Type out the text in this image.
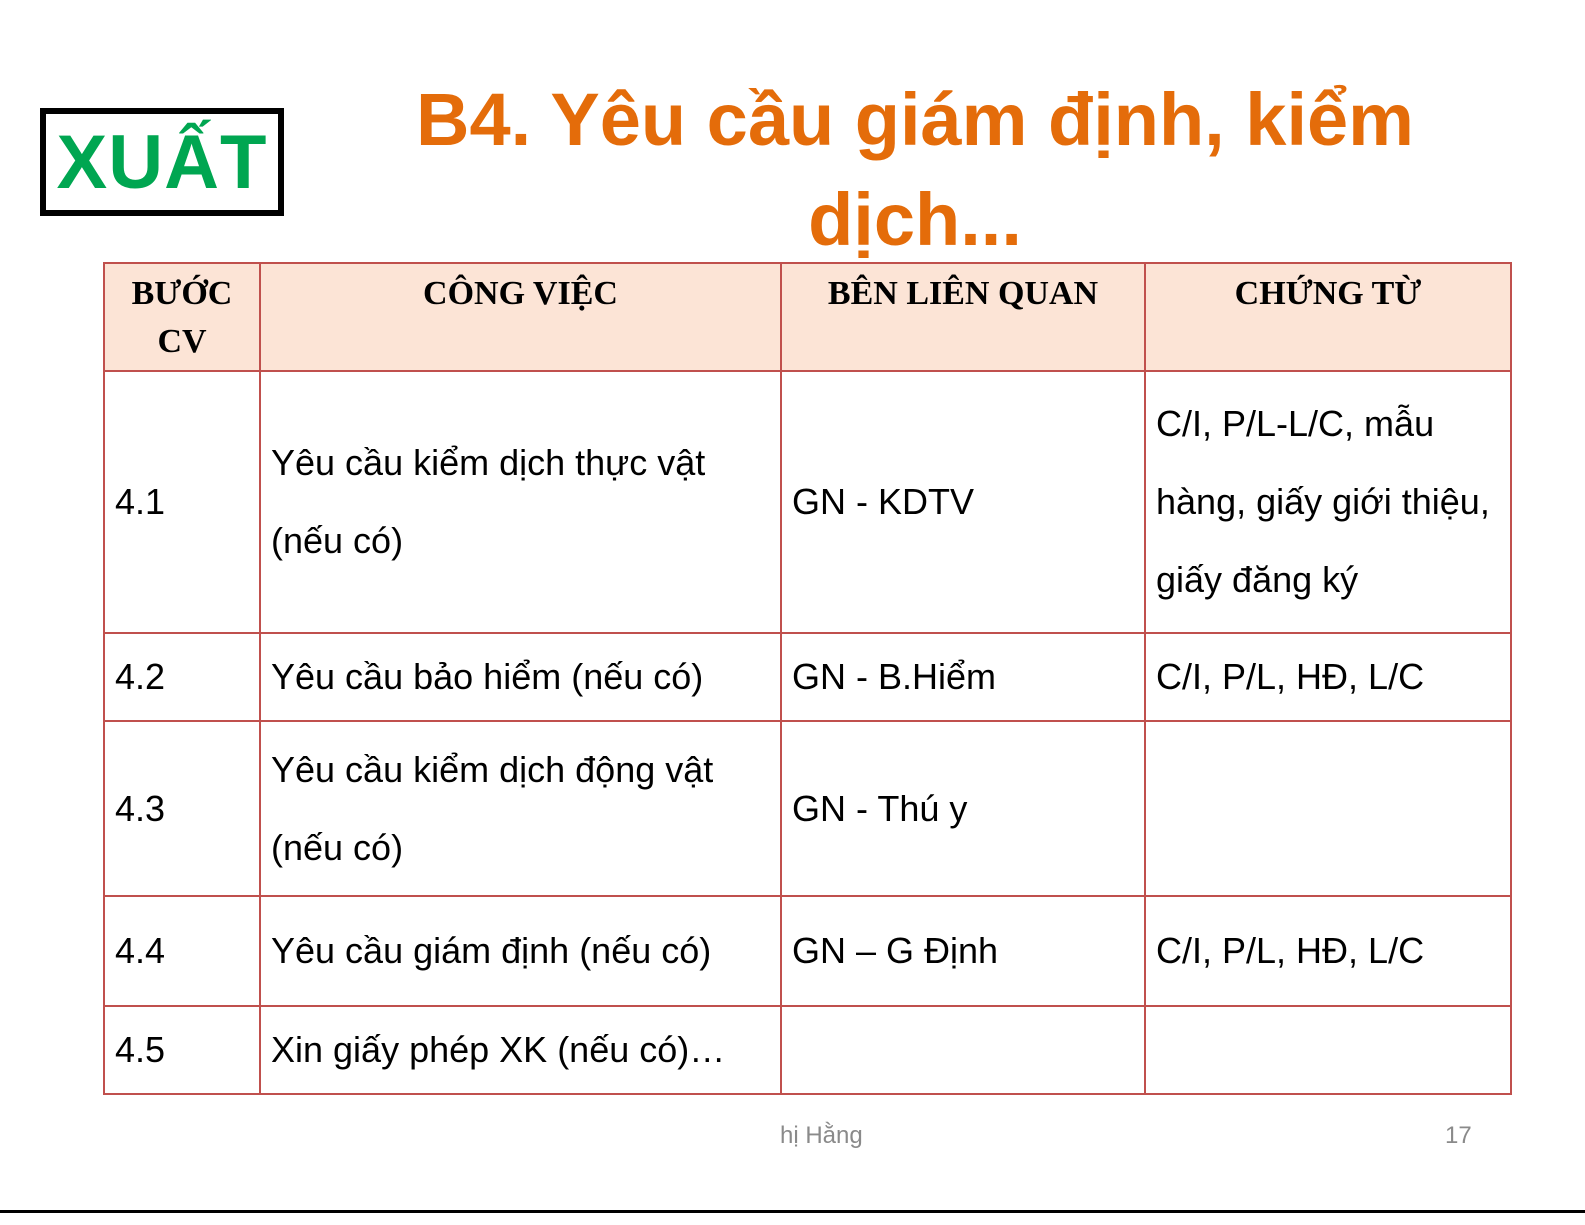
XUẤT	B4. Yêu cầu giám định, kiểm dịch...
BƯỚC CV	CÔNG VIỆC	BÊN LIÊN QUAN	CHỨNG TỪ
4.1	Yêu cầu kiểm dịch thực vật (nếu có)	GN - KDTV	C/I, P/L-L/C, mẫu hàng, giấy giới thiệu, giấy đăng ký
4.2	Yêu cầu bảo hiểm (nếu có)	GN - B.Hiểm	C/I, P/L, HĐ, L/C
4.3	Yêu cầu kiểm dịch động vật (nếu có)	GN - Thú y	
4.4	Yêu cầu giám định (nếu có)	GN – G Định	C/I, P/L, HĐ, L/C
4.5	Xin giấy phép XK (nếu có)…		
hị Hằng	17
